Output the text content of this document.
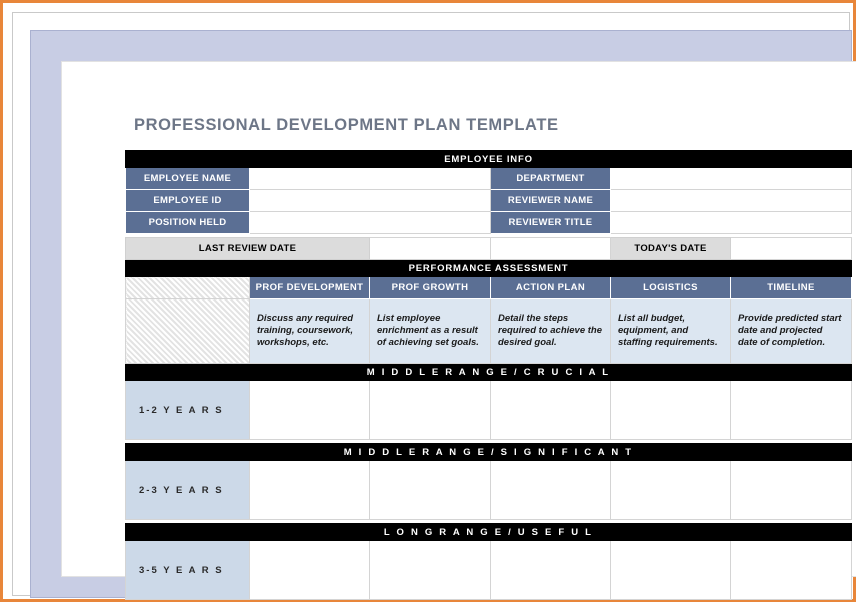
PROFESSIONAL DEVELOPMENT PLAN TEMPLATE
EMPLOYEE INFO					
EMPLOYEE NAME			DEPARTMENT		
EMPLOYEE ID			REVIEWER NAME		
POSITION HELD			REVIEWER TITLE		

LAST REVIEW DATE				TODAY'S DATE	
PERFORMANCE ASSESSMENT					
	PROF DEVELOPMENT	PROF GROWTH	ACTION PLAN	LOGISTICS	TIMELINE
	Discuss any required training, coursework, workshops, etc.	List employee enrichment as a result of achieving set goals.	Detail the steps required to achieve the desired goal.	List all budget, equipment, and staffing requirements.	Provide predicted start date and projected date of completion.
M I D D L E R A N G E / C R U C I A L					
1-2 Y E A R S					

M I D D L E R A N G E / S I G N I F I C A N T					
2-3 Y E A R S					

L O N G R A N G E / U S E F U L					
3-5 Y E A R S					
